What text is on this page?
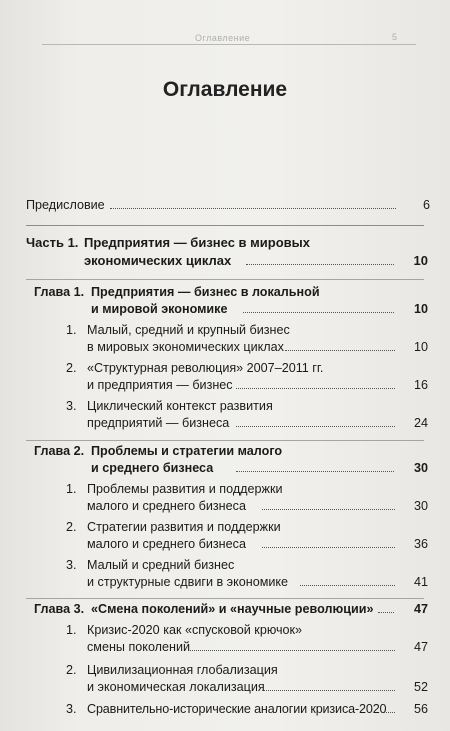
Оглавление	5
Оглавление
Предисловие	6
Часть 1. Предприятия — бизнес в мировых
экономических циклах	10
Глава 1. Предприятия — бизнес в локальной
и мировой экономике	10
1. Малый, средний и крупный бизнес
в мировых экономических циклах	10
2. «Структурная революция» 2007–2011 гг.
и предприятия — бизнес	16
3. Циклический контекст развития
предприятий — бизнеса	24
Глава 2. Проблемы и стратегии малого
и среднего бизнеса	30
1. Проблемы развития и поддержки
малого и среднего бизнеса	30
2. Стратегии развития и поддержки
малого и среднего бизнеса	36
3. Малый и средний бизнес
и структурные сдвиги в экономике	41
Глава 3. «Смена поколений» и «научные революции»	47
1. Кризис-2020 как «спусковой крючок»
смены поколений	47
2. Цивилизационная глобализация
и экономическая локализация	52
3. Сравнительно-исторические аналогии кризиса-2020 56
